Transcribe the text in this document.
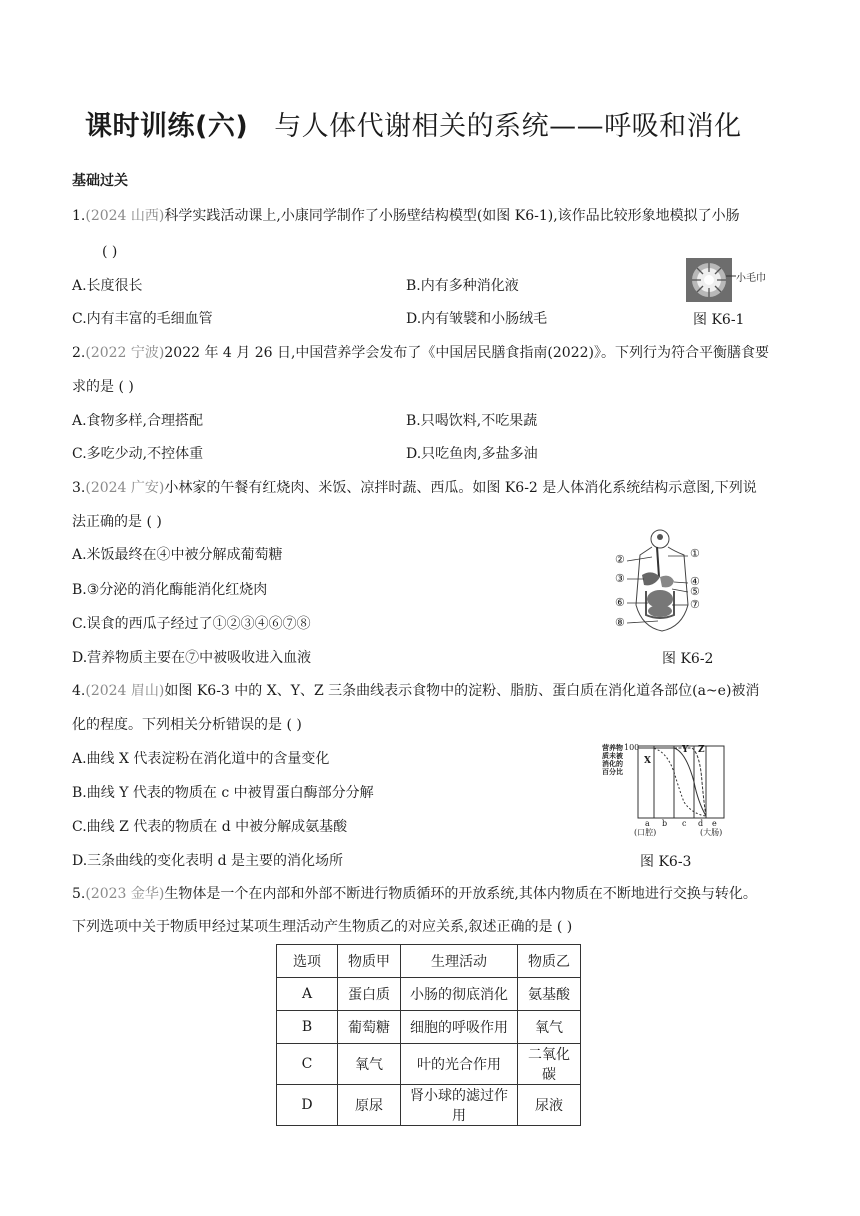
课时训练(六) 与人体代谢相关的系统——呼吸和消化
基础过关
1.(2024 山西)科学实践活动课上,小康同学制作了小肠壁结构模型(如图 K6-1),该作品比较形象地模拟了小肠
( )
A.长度很长	B.内有多种消化液
C.内有丰富的毛细血管	D.内有皱襞和小肠绒毛
小毛巾
图 K6-1
2.(2022 宁波)2022 年 4 月 26 日,中国营养学会发布了《中国居民膳食指南(2022)》。下列行为符合平衡膳食要
求的是 ( )
A.食物多样,合理搭配	B.只喝饮料,不吃果蔬
C.多吃少动,不控体重	D.只吃鱼肉,多盐多油
3.(2024 广安)小林家的午餐有红烧肉、米饭、凉拌时蔬、西瓜。如图 K6-2 是人体消化系统结构示意图,下列说
法正确的是 ( )
A.米饭最终在④中被分解成葡萄糖
B.③分泌的消化酶能消化红烧肉
C.误食的西瓜子经过了①②③④⑥⑦⑧
D.营养物质主要在⑦中被吸收进入血液
①
②
③	④
⑤
⑥	⑦
⑧
图 K6-2
4.(2024 眉山)如图 K6-3 中的 X、Y、Z 三条曲线表示食物中的淀粉、脂肪、蛋白质在消化道各部位(a~e)被消
化的程度。下列相关分析错误的是 ( )
A.曲线 X 代表淀粉在消化道中的含量变化
B.曲线 Y 代表的物质在 c 中被胃蛋白酶部分分解
C.曲线 Z 代表的物质在 d 中被分解成氨基酸
D.三条曲线的变化表明 d 是主要的消化场所
营养物质未被消化的百分比
100
X
Y Z
a b c d e
(口腔)	(大肠)
图 K6-3
5.(2023 金华)生物体是一个在内部和外部不断进行物质循环的开放系统,其体内物质在不断地进行交换与转化。
下列选项中关于物质甲经过某项生理活动产生物质乙的对应关系,叙述正确的是 ( )
选项	物质甲	生理活动	物质乙
A	蛋白质	小肠的彻底消化	氨基酸
B	葡萄糖	细胞的呼吸作用	氧气
C	氧气	叶的光合作用	二氧化碳
D	原尿	肾小球的滤过作用	尿液
